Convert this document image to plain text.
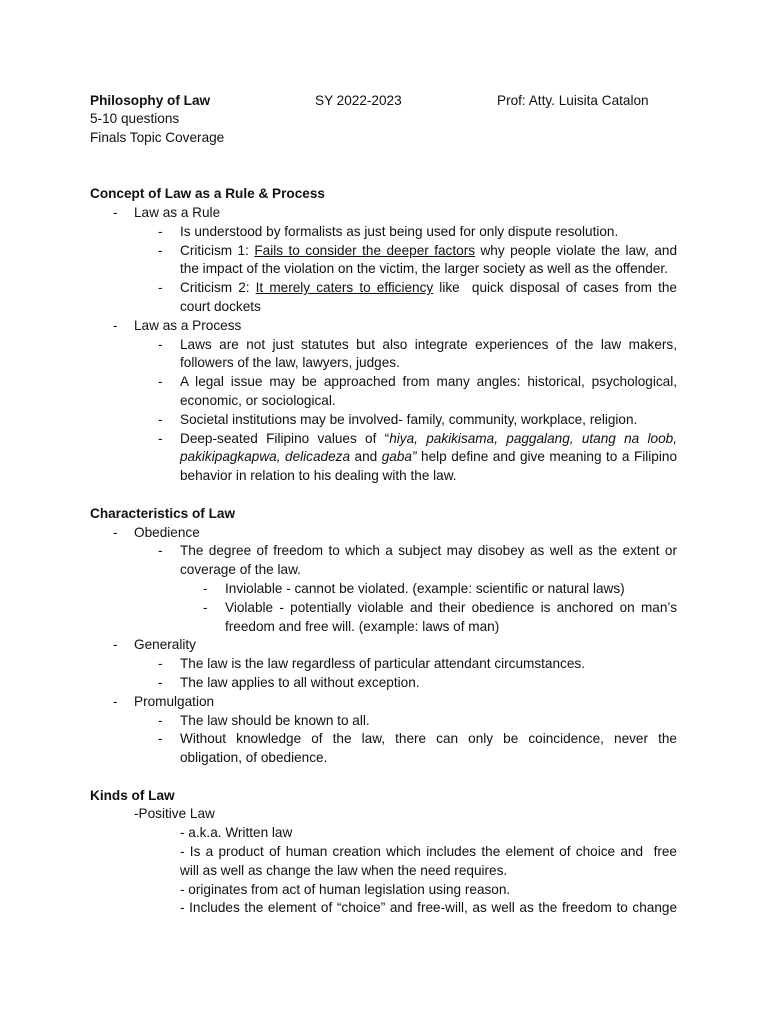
Philosophy of Law	SY 2022-2023	Prof: Atty. Luisita Catalon
5-10 questions
Finals Topic Coverage
Concept of Law as a Rule & Process
- Law as a Rule
- Is understood by formalists as just being used for only dispute resolution.
- Criticism 1: Fails to consider the deeper factors why people violate the law, and
the impact of the violation on the victim, the larger society as well as the offender.
- Criticism 2: It merely caters to efficiency like  quick disposal of cases from the
court dockets
- Law as a Process
- Laws are not just statutes but also integrate experiences of the law makers,
followers of the law, lawyers, judges.
- A legal issue may be approached from many angles: historical, psychological,
economic, or sociological.
- Societal institutions may be involved- family, community, workplace, religion.
- Deep-seated Filipino values of “hiya, pakikisama, paggalang, utang na loob,
pakikipagkapwa, delicadeza and gaba” help define and give meaning to a Filipino
behavior in relation to his dealing with the law.
Characteristics of Law
- Obedience
- The degree of freedom to which a subject may disobey as well as the extent or
coverage of the law.
- Inviolable - cannot be violated. (example: scientific or natural laws)
- Violable - potentially violable and their obedience is anchored on man’s
freedom and free will. (example: laws of man)
- Generality
- The law is the law regardless of particular attendant circumstances.
- The law applies to all without exception.
- Promulgation
- The law should be known to all.
- Without knowledge of the law, there can only be coincidence, never the
obligation, of obedience.
Kinds of Law
-Positive Law
- a.k.a. Written law
- Is a product of human creation which includes the element of choice and  free
will as well as change the law when the need requires.
- originates from act of human legislation using reason.
- Includes the element of “choice” and free-will, as well as the freedom to change
